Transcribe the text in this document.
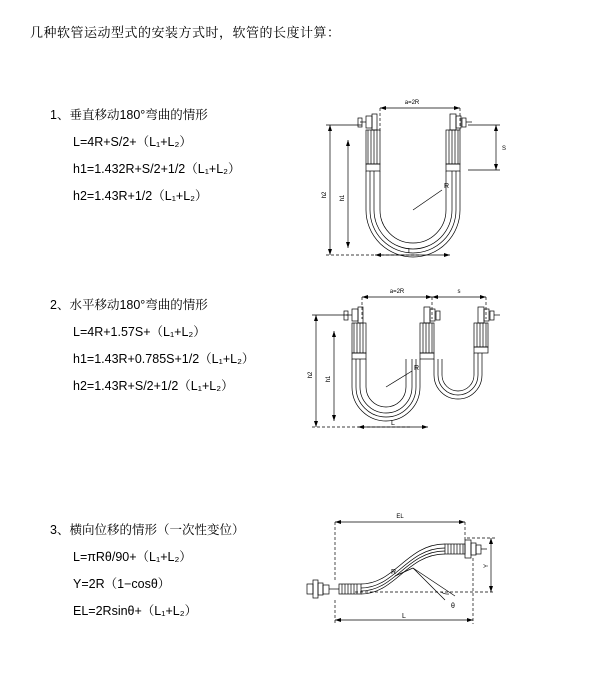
几种软管运动型式的安装方式时，软管的长度计算：
1、垂直移动180°弯曲的情形
L=4R+S/2+（L₁+L₂）
h1=1.432R+S/2+1/2（L₁+L₂）
h2=1.43R+1/2（L₁+L₂）
a=2R
S
h2 h1
R
L
2、水平移动180°弯曲的情形
L=4R+1.57S+（L₁+L₂）
h1=1.43R+0.785S+1/2（L₁+L₂）
h2=1.43R+S/2+1/2（L₁+L₂）
a=2R	s
h2
h1
R
L
3、横向位移的情形（一次性变位）
L=πRθ/90+（L₁+L₂）
Y=2R（1−cosθ）
EL=2Rsinθ+（L₁+L₂）
EL
Y
L
θ
R
